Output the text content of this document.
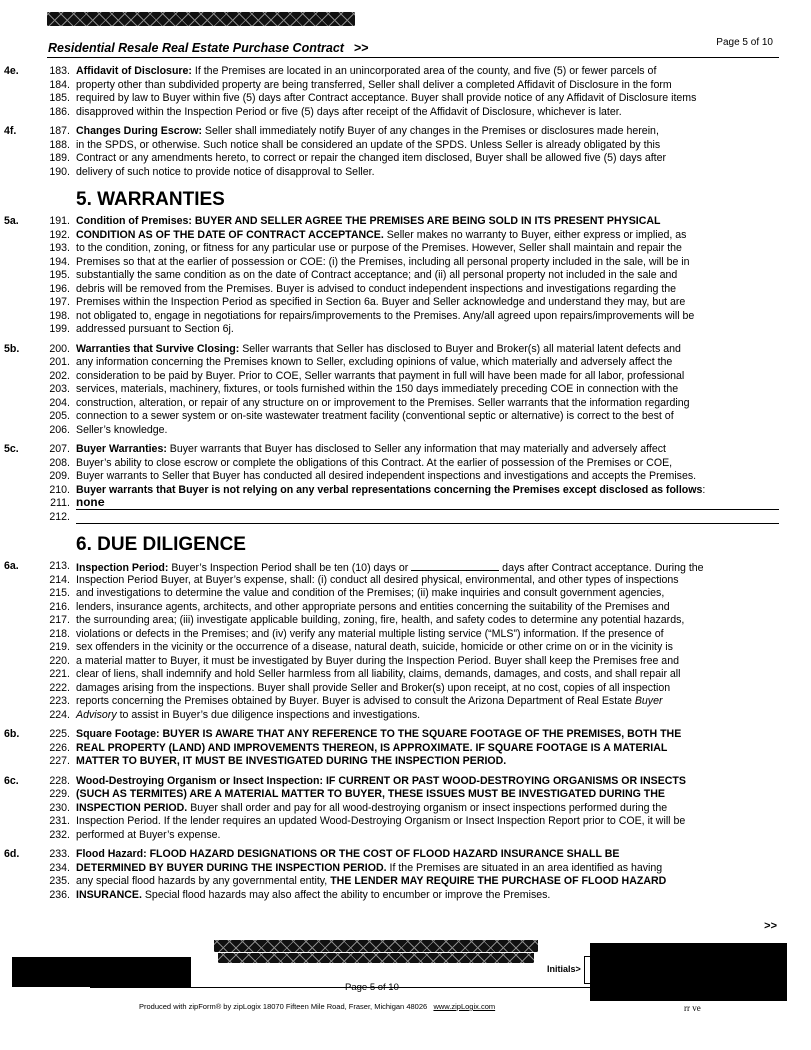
Residential Resale Real Estate Purchase Contract >>	Page 5 of 10
4e.	183. Affidavit of Disclosure: If the Premises are located in an unincorporated area of the county, and five (5) or fewer parcels of
184. property other than subdivided property are being transferred, Seller shall deliver a completed Affidavit of Disclosure in the form
185. required by law to Buyer within five (5) days after Contract acceptance. Buyer shall provide notice of any Affidavit of Disclosure items
186. disapproved within the Inspection Period or five (5) days after receipt of the Affidavit of Disclosure, whichever is later.
4f.	187. Changes During Escrow: Seller shall immediately notify Buyer of any changes in the Premises or disclosures made herein,
188. in the SPDS, or otherwise. Such notice shall be considered an update of the SPDS. Unless Seller is already obligated by this
189. Contract or any amendments hereto, to correct or repair the changed item disclosed, Buyer shall be allowed five (5) days after
190. delivery of such notice to provide notice of disapproval to Seller.
5. WARRANTIES
5a.	191. Condition of Premises: BUYER AND SELLER AGREE THE PREMISES ARE BEING SOLD IN ITS PRESENT PHYSICAL
192. CONDITION AS OF THE DATE OF CONTRACT ACCEPTANCE. Seller makes no warranty to Buyer, either express or implied, as
193. to the condition, zoning, or fitness for any particular use or purpose of the Premises. However, Seller shall maintain and repair the
194. Premises so that at the earlier of possession or COE: (i) the Premises, including all personal property included in the sale, will be in
195. substantially the same condition as on the date of Contract acceptance; and (ii) all personal property not included in the sale and
196. debris will be removed from the Premises. Buyer is advised to conduct independent inspections and investigations regarding the
197. Premises within the Inspection Period as specified in Section 6a. Buyer and Seller acknowledge and understand they may, but are
198. not obligated to, engage in negotiations for repairs/improvements to the Premises. Any/all agreed upon repairs/improvements will be
199. addressed pursuant to Section 6j.
5b.	200. Warranties that Survive Closing: Seller warrants that Seller has disclosed to Buyer and Broker(s) all material latent defects and
201. any information concerning the Premises known to Seller, excluding opinions of value, which materially and adversely affect the
202. consideration to be paid by Buyer. Prior to COE, Seller warrants that payment in full will have been made for all labor, professional
203. services, materials, machinery, fixtures, or tools furnished within the 150 days immediately preceding COE in connection with the
204. construction, alteration, or repair of any structure on or improvement to the Premises. Seller warrants that the information regarding
205. connection to a sewer system or on-site wastewater treatment facility (conventional septic or alternative) is correct to the best of
206. Seller’s knowledge.
5c.	207. Buyer Warranties: Buyer warrants that Buyer has disclosed to Seller any information that may materially and adversely affect
208. Buyer’s ability to close escrow or complete the obligations of this Contract. At the earlier of possession of the Premises or COE,
209. Buyer warrants to Seller that Buyer has conducted all desired independent inspections and investigations and accepts the Premises.
210. Buyer warrants that Buyer is not relying on any verbal representations concerning the Premises except disclosed as follows:
211. none
212.
6. DUE DILIGENCE
6a.	213. Inspection Period: Buyer’s Inspection Period shall be ten (10) days or	days after Contract acceptance. During the
214. Inspection Period Buyer, at Buyer’s expense, shall: (i) conduct all desired physical, environmental, and other types of inspections
215. and investigations to determine the value and condition of the Premises; (ii) make inquiries and consult government agencies,
216. lenders, insurance agents, architects, and other appropriate persons and entities concerning the suitability of the Premises and
217. the surrounding area; (iii) investigate applicable building, zoning, fire, health, and safety codes to determine any potential hazards,
218. violations or defects in the Premises; and (iv) verify any material multiple listing service (“MLS”) information. If the presence of
219. sex offenders in the vicinity or the occurrence of a disease, natural death, suicide, homicide or other crime on or in the vicinity is
220. a material matter to Buyer, it must be investigated by Buyer during the Inspection Period. Buyer shall keep the Premises free and
221. clear of liens, shall indemnify and hold Seller harmless from all liability, claims, demands, damages, and costs, and shall repair all
222. damages arising from the inspections. Buyer shall provide Seller and Broker(s) upon receipt, at no cost, copies of all inspection
223. reports concerning the Premises obtained by Buyer. Buyer is advised to consult the Arizona Department of Real Estate Buyer
224. Advisory to assist in Buyer’s due diligence inspections and investigations.
6b.	225. Square Footage: BUYER IS AWARE THAT ANY REFERENCE TO THE SQUARE FOOTAGE OF THE PREMISES, BOTH THE
226. REAL PROPERTY (LAND) AND IMPROVEMENTS THEREON, IS APPROXIMATE. IF SQUARE FOOTAGE IS A MATERIAL
227. MATTER TO BUYER, IT MUST BE INVESTIGATED DURING THE INSPECTION PERIOD.
6c.	228. Wood-Destroying Organism or Insect Inspection: IF CURRENT OR PAST WOOD-DESTROYING ORGANISMS OR INSECTS
229. (SUCH AS TERMITES) ARE A MATERIAL MATTER TO BUYER, THESE ISSUES MUST BE INVESTIGATED DURING THE
230. INSPECTION PERIOD. Buyer shall order and pay for all wood-destroying organism or insect inspections performed during the
231. Inspection Period. If the lender requires an updated Wood-Destroying Organism or Insect Inspection Report prior to COE, it will be
232. performed at Buyer’s expense.
6d.	233. Flood Hazard: FLOOD HAZARD DESIGNATIONS OR THE COST OF FLOOD HAZARD INSURANCE SHALL BE
234. DETERMINED BY BUYER DURING THE INSPECTION PERIOD. If the Premises are situated in an area identified as having
235. any special flood hazards by any governmental entity, THE LENDER MAY REQUIRE THE PURCHASE OF FLOOD HAZARD
236. INSURANCE. Special flood hazards may also affect the ability to encumber or improve the Premises.
>>
Initials>
Page 5 of 10
Produced with zipForm® by zipLogix 18070 Fifteen Mile Road, Fraser, Michigan 48026 www.zipLogix.com	rr ve
